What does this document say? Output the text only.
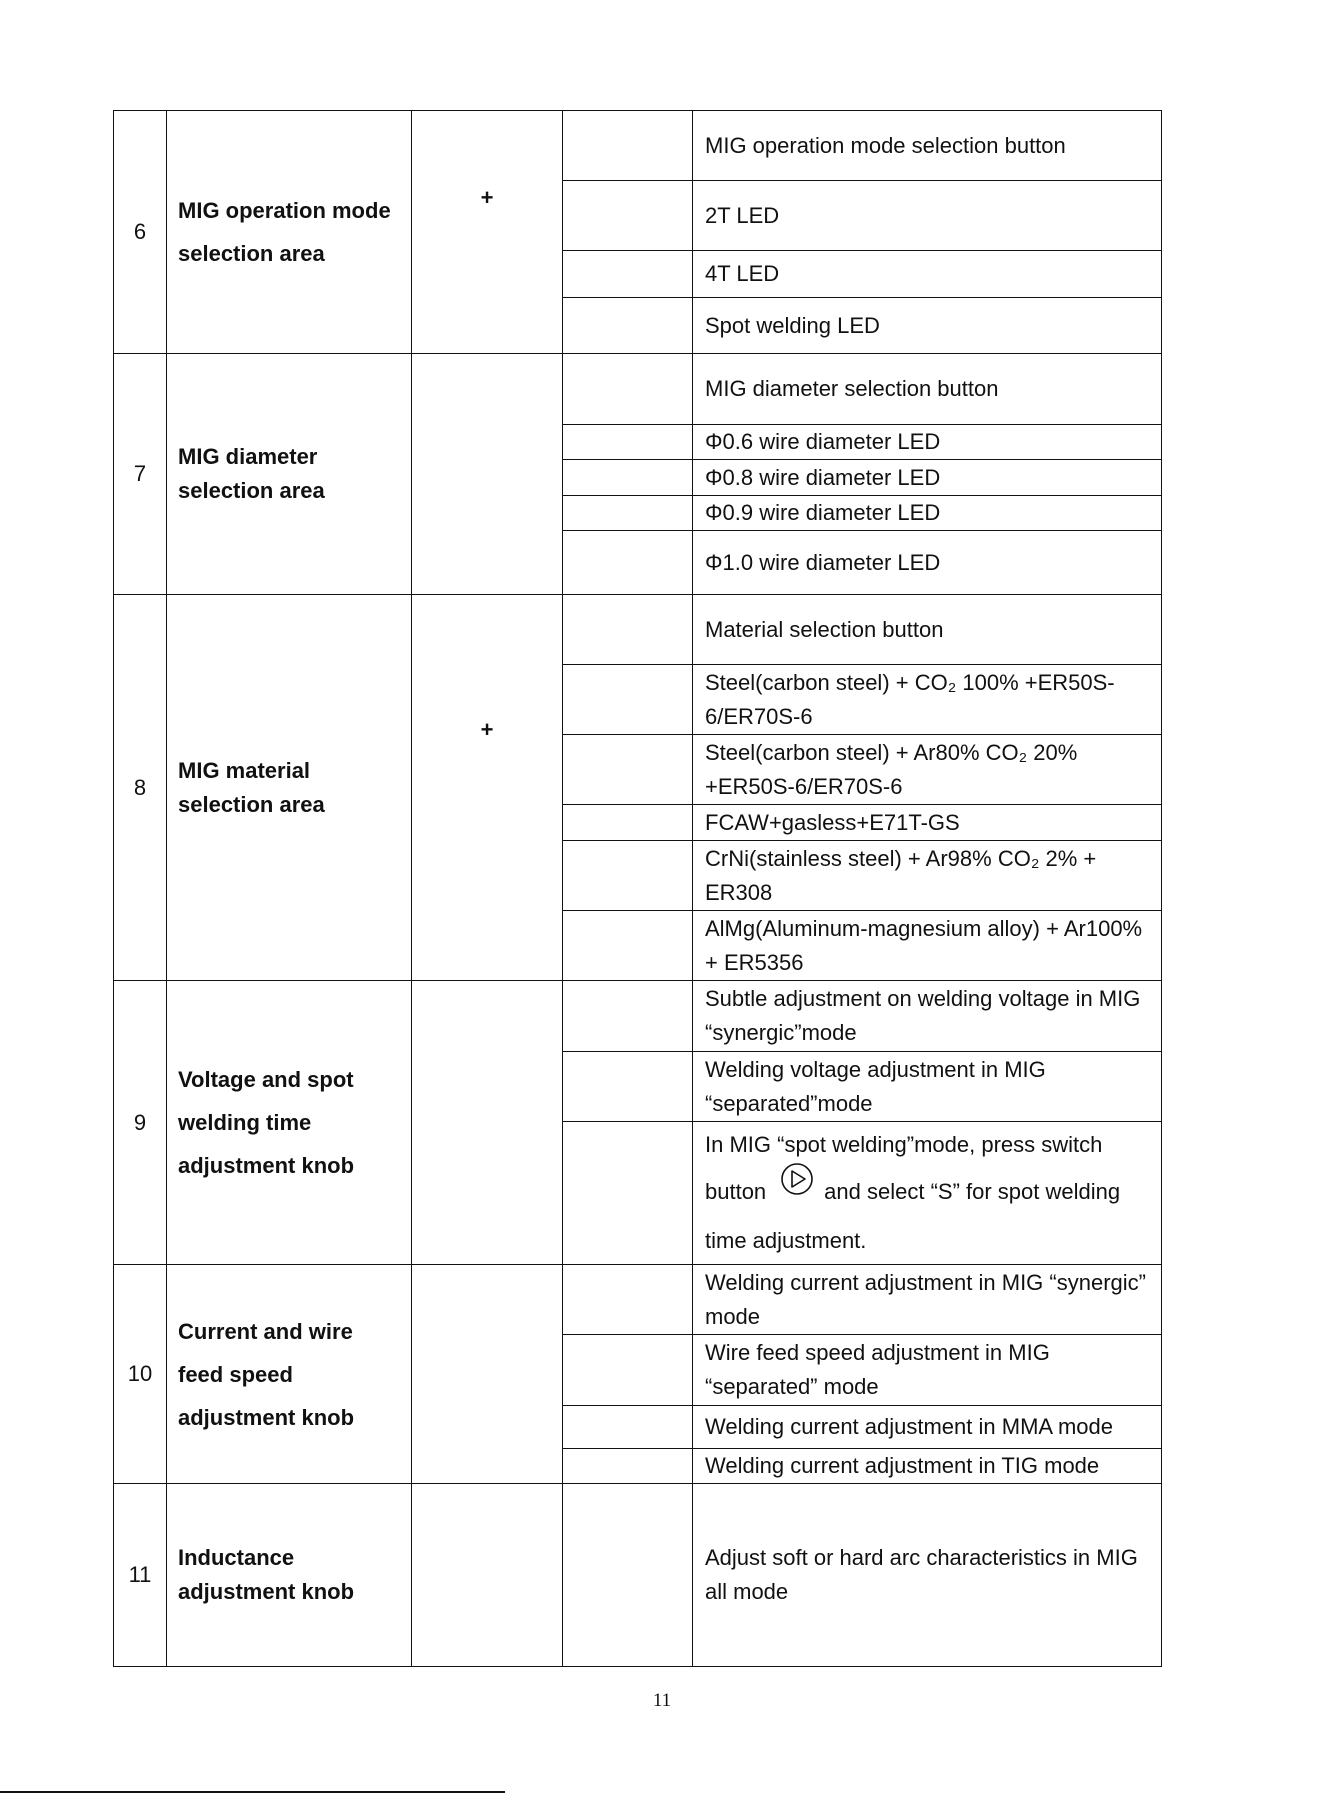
6	MIG operation mode selection area	+		MIG operation mode selection button
				2T LED
				4T LED
				Spot welding LED
7	MIG diameter selection area			MIG diameter selection button
				Φ0.6 wire diameter LED
				Φ0.8 wire diameter LED
				Φ0.9 wire diameter LED
				Φ1.0 wire diameter LED
8	MIG material selection area	+		Material selection button
				Steel(carbon steel) + CO₂ 100% +ER50S-6/ER70S-6
				Steel(carbon steel) + Ar80% CO₂ 20% +ER50S-6/ER70S-6
				FCAW+gasless+E71T-GS
				CrNi(stainless steel) + Ar98% CO₂ 2% + ER308
				AlMg(Aluminum-magnesium alloy) + Ar100% + ER5356
9	Voltage and spot welding time adjustment knob			Subtle adjustment on welding voltage in MIG “synergic”mode
				Welding voltage adjustment in MIG “separated”mode
				In MIG “spot welding”mode, press switch
button and select “S” for spot welding
time adjustment.
10	Current and wire feed speed adjustment knob			Welding current adjustment in MIG “synergic” mode
				Wire feed speed adjustment in MIG “separated” mode
				Welding current adjustment in MMA mode
				Welding current adjustment in TIG mode
11	Inductance adjustment knob			Adjust soft or hard arc characteristics in MIG all mode
11
